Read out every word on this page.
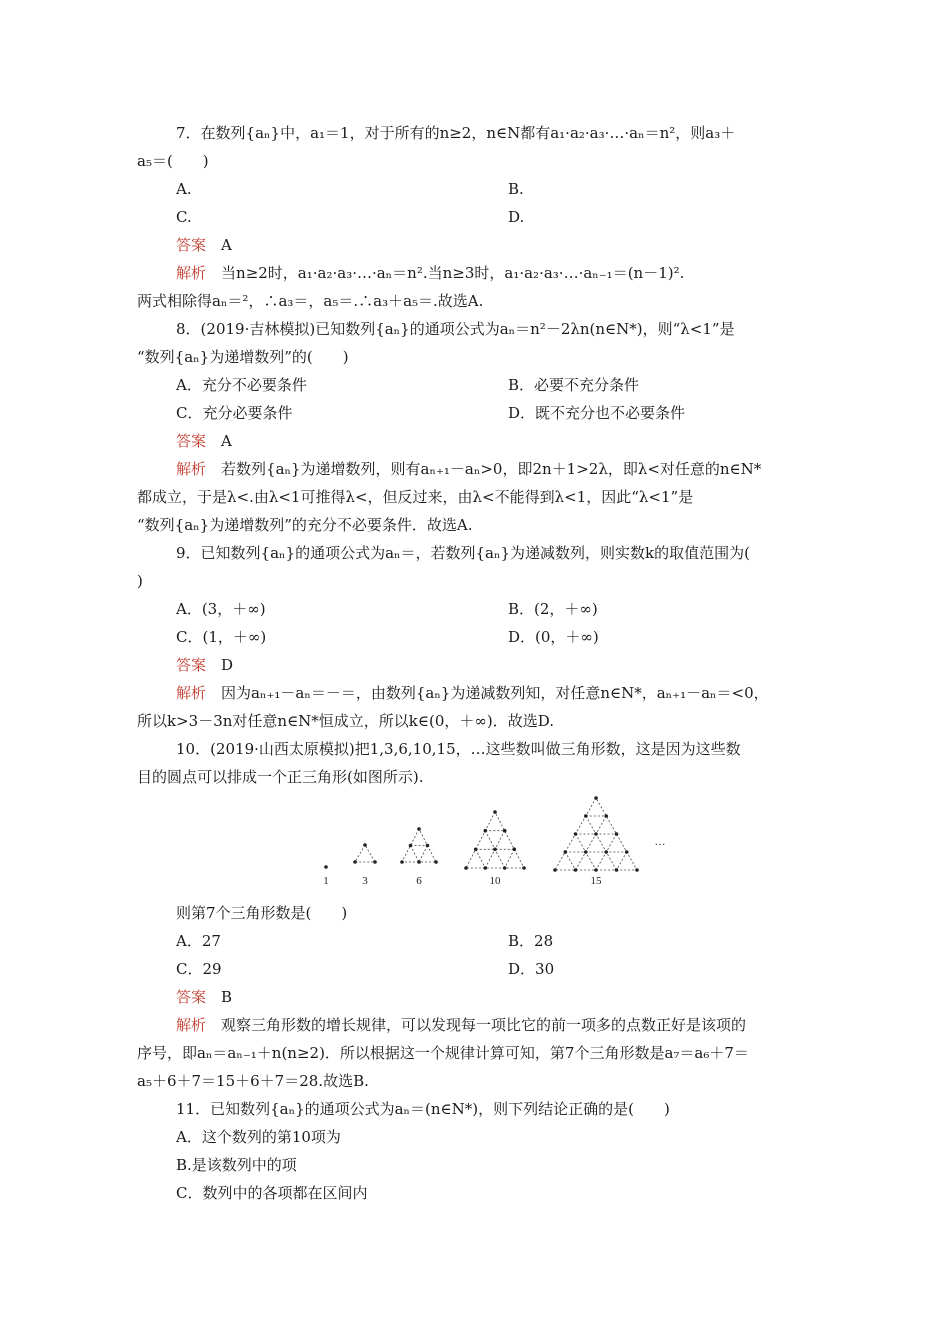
7．在数列{aₙ}中，a₁＝1，对于所有的n≥2，n∈N都有a₁·a₂·a₃·…·aₙ＝n²，则a₃＋
a₅＝(　　)
A.	B.
C.	D.
答案　 A
解析　 当n≥2时，a₁·a₂·a₃·…·aₙ＝n².当n≥3时，a₁·a₂·a₃·…·aₙ₋₁＝(n－1)².
两式相除得aₙ＝²，∴a₃＝，a₅＝.∴a₃＋a₅＝.故选A.
8．(2019·吉林模拟)已知数列{aₙ}的通项公式为aₙ＝n²－2λn(n∈N*)，则“λ<1”是
“数列{aₙ}为递增数列”的(　　)
A．充分不必要条件	B．必要不充分条件
C．充分必要条件	D．既不充分也不必要条件
答案　 A
解析　 若数列{aₙ}为递增数列，则有aₙ₊₁－aₙ>0，即2n＋1>2λ，即λ<对任意的n∈N*
都成立，于是λ<.由λ<1可推得λ<，但反过来，由λ<不能得到λ<1，因此“λ<1”是
“数列{aₙ}为递增数列”的充分不必要条件．故选A.
9．已知数列{aₙ}的通项公式为aₙ＝，若数列{aₙ}为递减数列，则实数k的取值范围为(
)
A．(3，＋∞)	B．(2，＋∞)
C．(1，＋∞)	D．(0，＋∞)
答案　 D
解析　 因为aₙ₊₁－aₙ＝－＝，由数列{aₙ}为递减数列知，对任意n∈N*，aₙ₊₁－aₙ＝<0，
所以k>3－3n对任意n∈N*恒成立，所以k∈(0，＋∞)．故选D.
10．(2019·山西太原模拟)把1,3,6,10,15，…这些数叫做三角形数，这是因为这些数
目的圆点可以排成一个正三角形(如图所示).
1	3	6	10	15
…
则第7个三角形数是(　　)
A．27	B．28
C．29	D．30
答案　 B
解析　 观察三角形数的增长规律，可以发现每一项比它的前一项多的点数正好是该项的
序号，即aₙ＝aₙ₋₁＋n(n≥2)．所以根据这一个规律计算可知，第7个三角形数是a₇＝a₆＋7＝
a₅＋6＋7＝15＋6＋7＝28.故选B.
11．已知数列{aₙ}的通项公式为aₙ＝(n∈N*)，则下列结论正确的是(　　)
A．这个数列的第10项为
B.是该数列中的项
C．数列中的各项都在区间内
